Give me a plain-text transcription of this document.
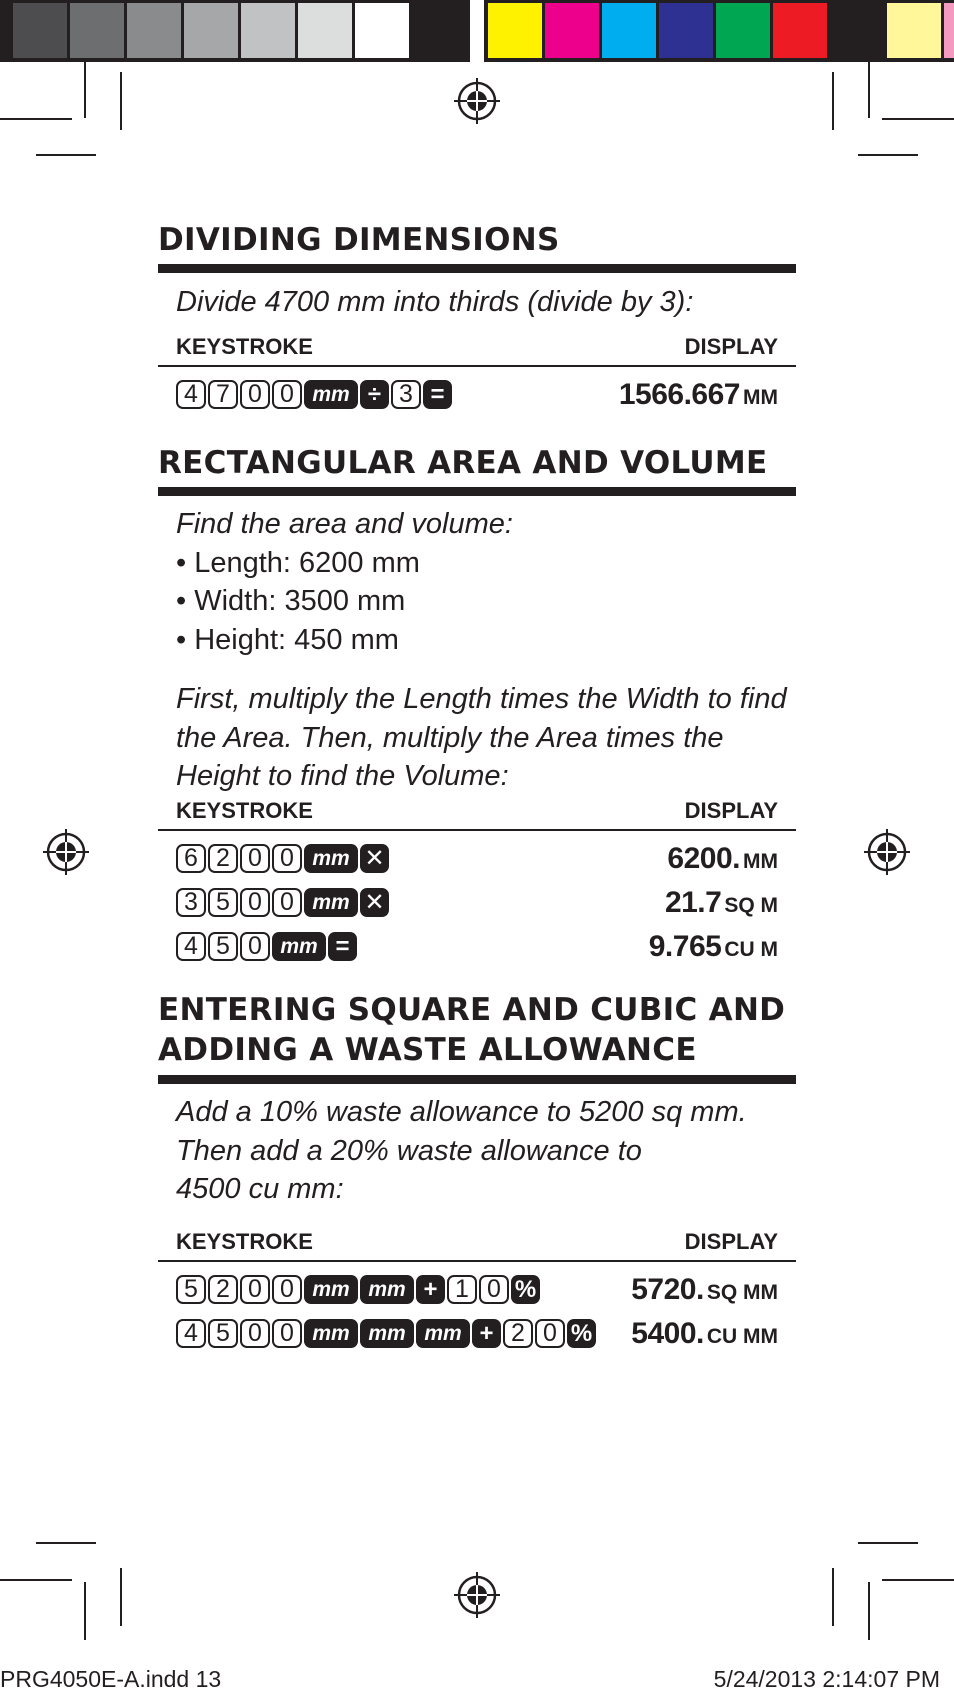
DIVIDING DIMENSIONS

Divide 4700 mm into thirds (divide by 3):

KEYSTROKE	DISPLAY
4 7 0 0 mm ÷ 3 =	1566.667 MM
RECTANGULAR AREA AND VOLUME

Find the area and volume:

• Length: 6200 mm
• Width: 3500 mm
• Height: 450 mm

First, multiply the Length times the Width to find the Area. Then, multiply the Area times the Height to find the Volume:

KEYSTROKE	DISPLAY
6 2 0 0 mm ✕	6200. MM
3 5 0 0 mm ✕	21.7 SQ M
4 5 0 mm =	9.765 CU M
ENTERING SQUARE AND CUBIC AND
ADDING A WASTE ALLOWANCE

Add a 10% waste allowance to 5200 sq mm.
Then add a 20% waste allowance to
4500 cu mm:

KEYSTROKE	DISPLAY
5 2 0 0 mm mm + 1 0 %	5720. SQ MM
4 5 0 0 mm mm mm + 2 0 % 5400. CU MM
PRG4050E-A.indd 13	5/24/2013 2:14:07 PM
